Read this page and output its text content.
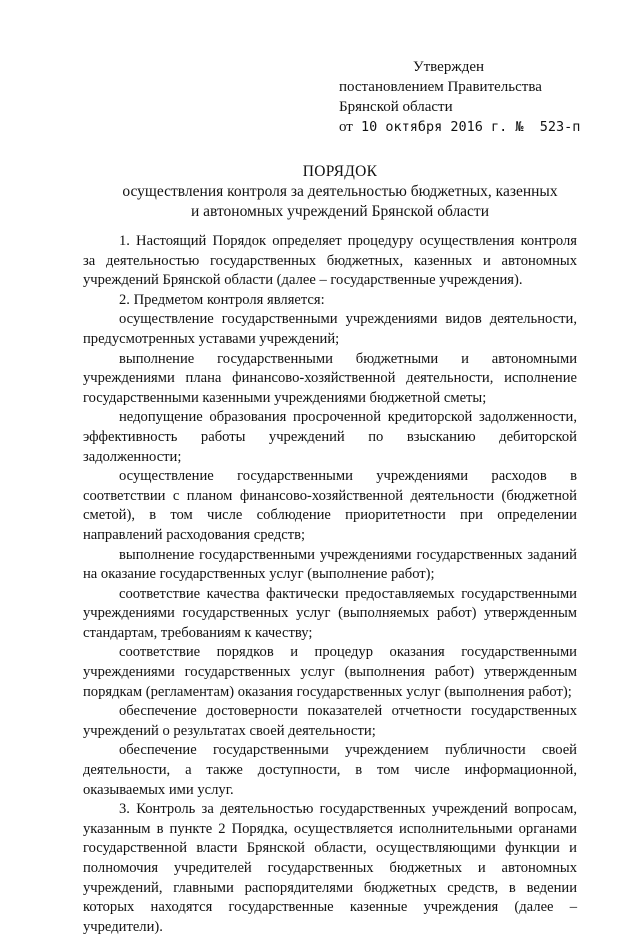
Утвержден
постановлением Правительства
Брянской области
от 10 октября 2016 г. №  523-п
ПОРЯДОК
осуществления контроля за деятельностью бюджетных, казенных
и автономных учреждений Брянской области

1. Настоящий Порядок определяет процедуру осуществления контроля за деятельностью государственных бюджетных, казенных и автономных учреждений Брянской области (далее – государственные учреждения).

2. Предметом контроля является:

осуществление государственными учреждениями видов деятельности, предусмотренных уставами учреждений;

выполнение государственными бюджетными и автономными учреждениями плана финансово-хозяйственной деятельности, исполнение государственными казенными учреждениями бюджетной сметы;

недопущение образования просроченной кредиторской задолженности, эффективность работы учреждений по взысканию дебиторской задолженности;

осуществление государственными учреждениями расходов в соответствии с планом финансово-хозяйственной деятельности (бюджетной сметой), в том числе соблюдение приоритетности при определении направлений расходования средств;

выполнение государственными учреждениями государственных заданий на оказание государственных услуг (выполнение работ);

соответствие качества фактически предоставляемых государственными учреждениями государственных услуг (выполняемых работ) утвержденным стандартам, требованиям к качеству;

соответствие порядков и процедур оказания государственными учреждениями государственных услуг (выполнения работ) утвержденным порядкам (регламентам) оказания государственных услуг (выполнения работ);

обеспечение достоверности показателей отчетности государственных учреждений о результатах своей деятельности;

обеспечение государственными учреждением публичности своей деятельности, а также доступности, в том числе информационной, оказываемых ими услуг.

3. Контроль за деятельностью государственных учреждений вопросам, указанным в пункте 2 Порядка, осуществляется исполнительными органами государственной власти Брянской области, осуществляющими функции и полномочия учредителей государственных бюджетных и автономных учреждений, главными распорядителями бюджетных средств, в ведении которых находятся государственные казенные учреждения (далее – учредители).
